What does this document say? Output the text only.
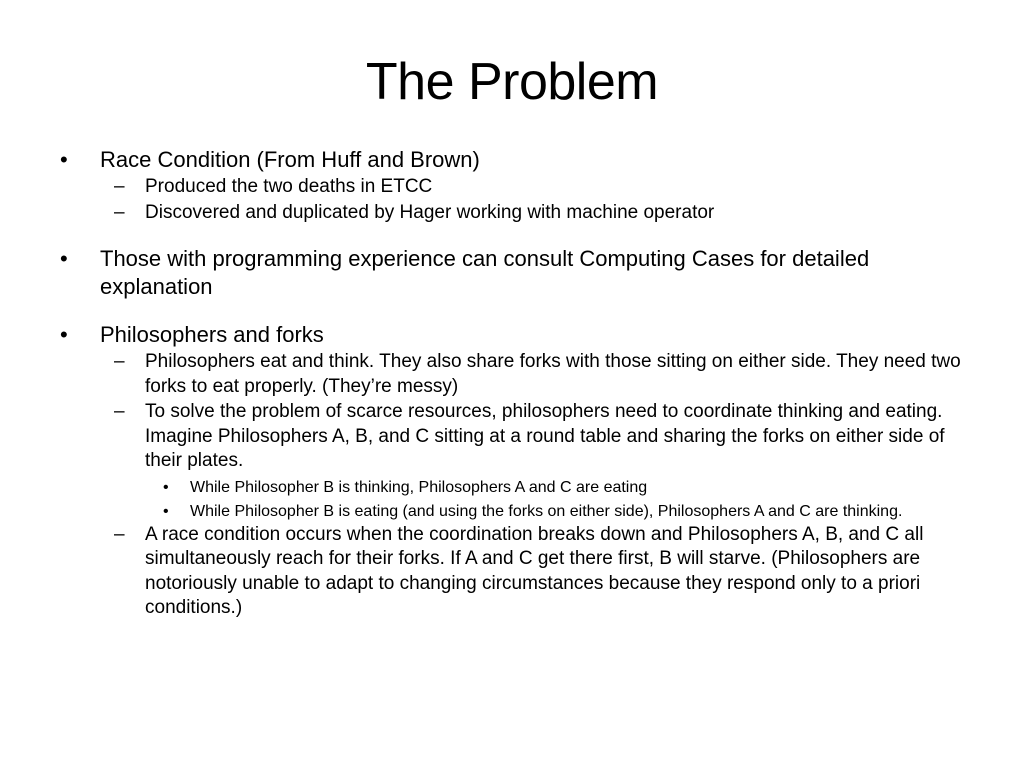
The Problem

• Race Condition (From Huff and Brown)

– Produced the two deaths in ETCC

– Discovered and duplicated by Hager working with machine operator

• Those with programming experience can consult Computing Cases for detailed explanation

• Philosophers and forks

– Philosophers eat and think. They also share forks with those sitting on either side. They need two forks to eat properly. (They’re messy)

– To solve the problem of scarce resources, philosophers need to coordinate thinking and eating. Imagine Philosophers A, B, and C sitting at a round table and sharing the forks on either side of their plates.

• While Philosopher B is thinking, Philosophers A and C are eating

• While Philosopher B is eating (and using the forks on either side), Philosophers A and C are thinking.

– A race condition occurs when the coordination breaks down and Philosophers A, B, and C all simultaneously reach for their forks. If A and C get there first, B will starve. (Philosophers are notoriously unable to adapt to changing circumstances because they respond only to a priori conditions.)
